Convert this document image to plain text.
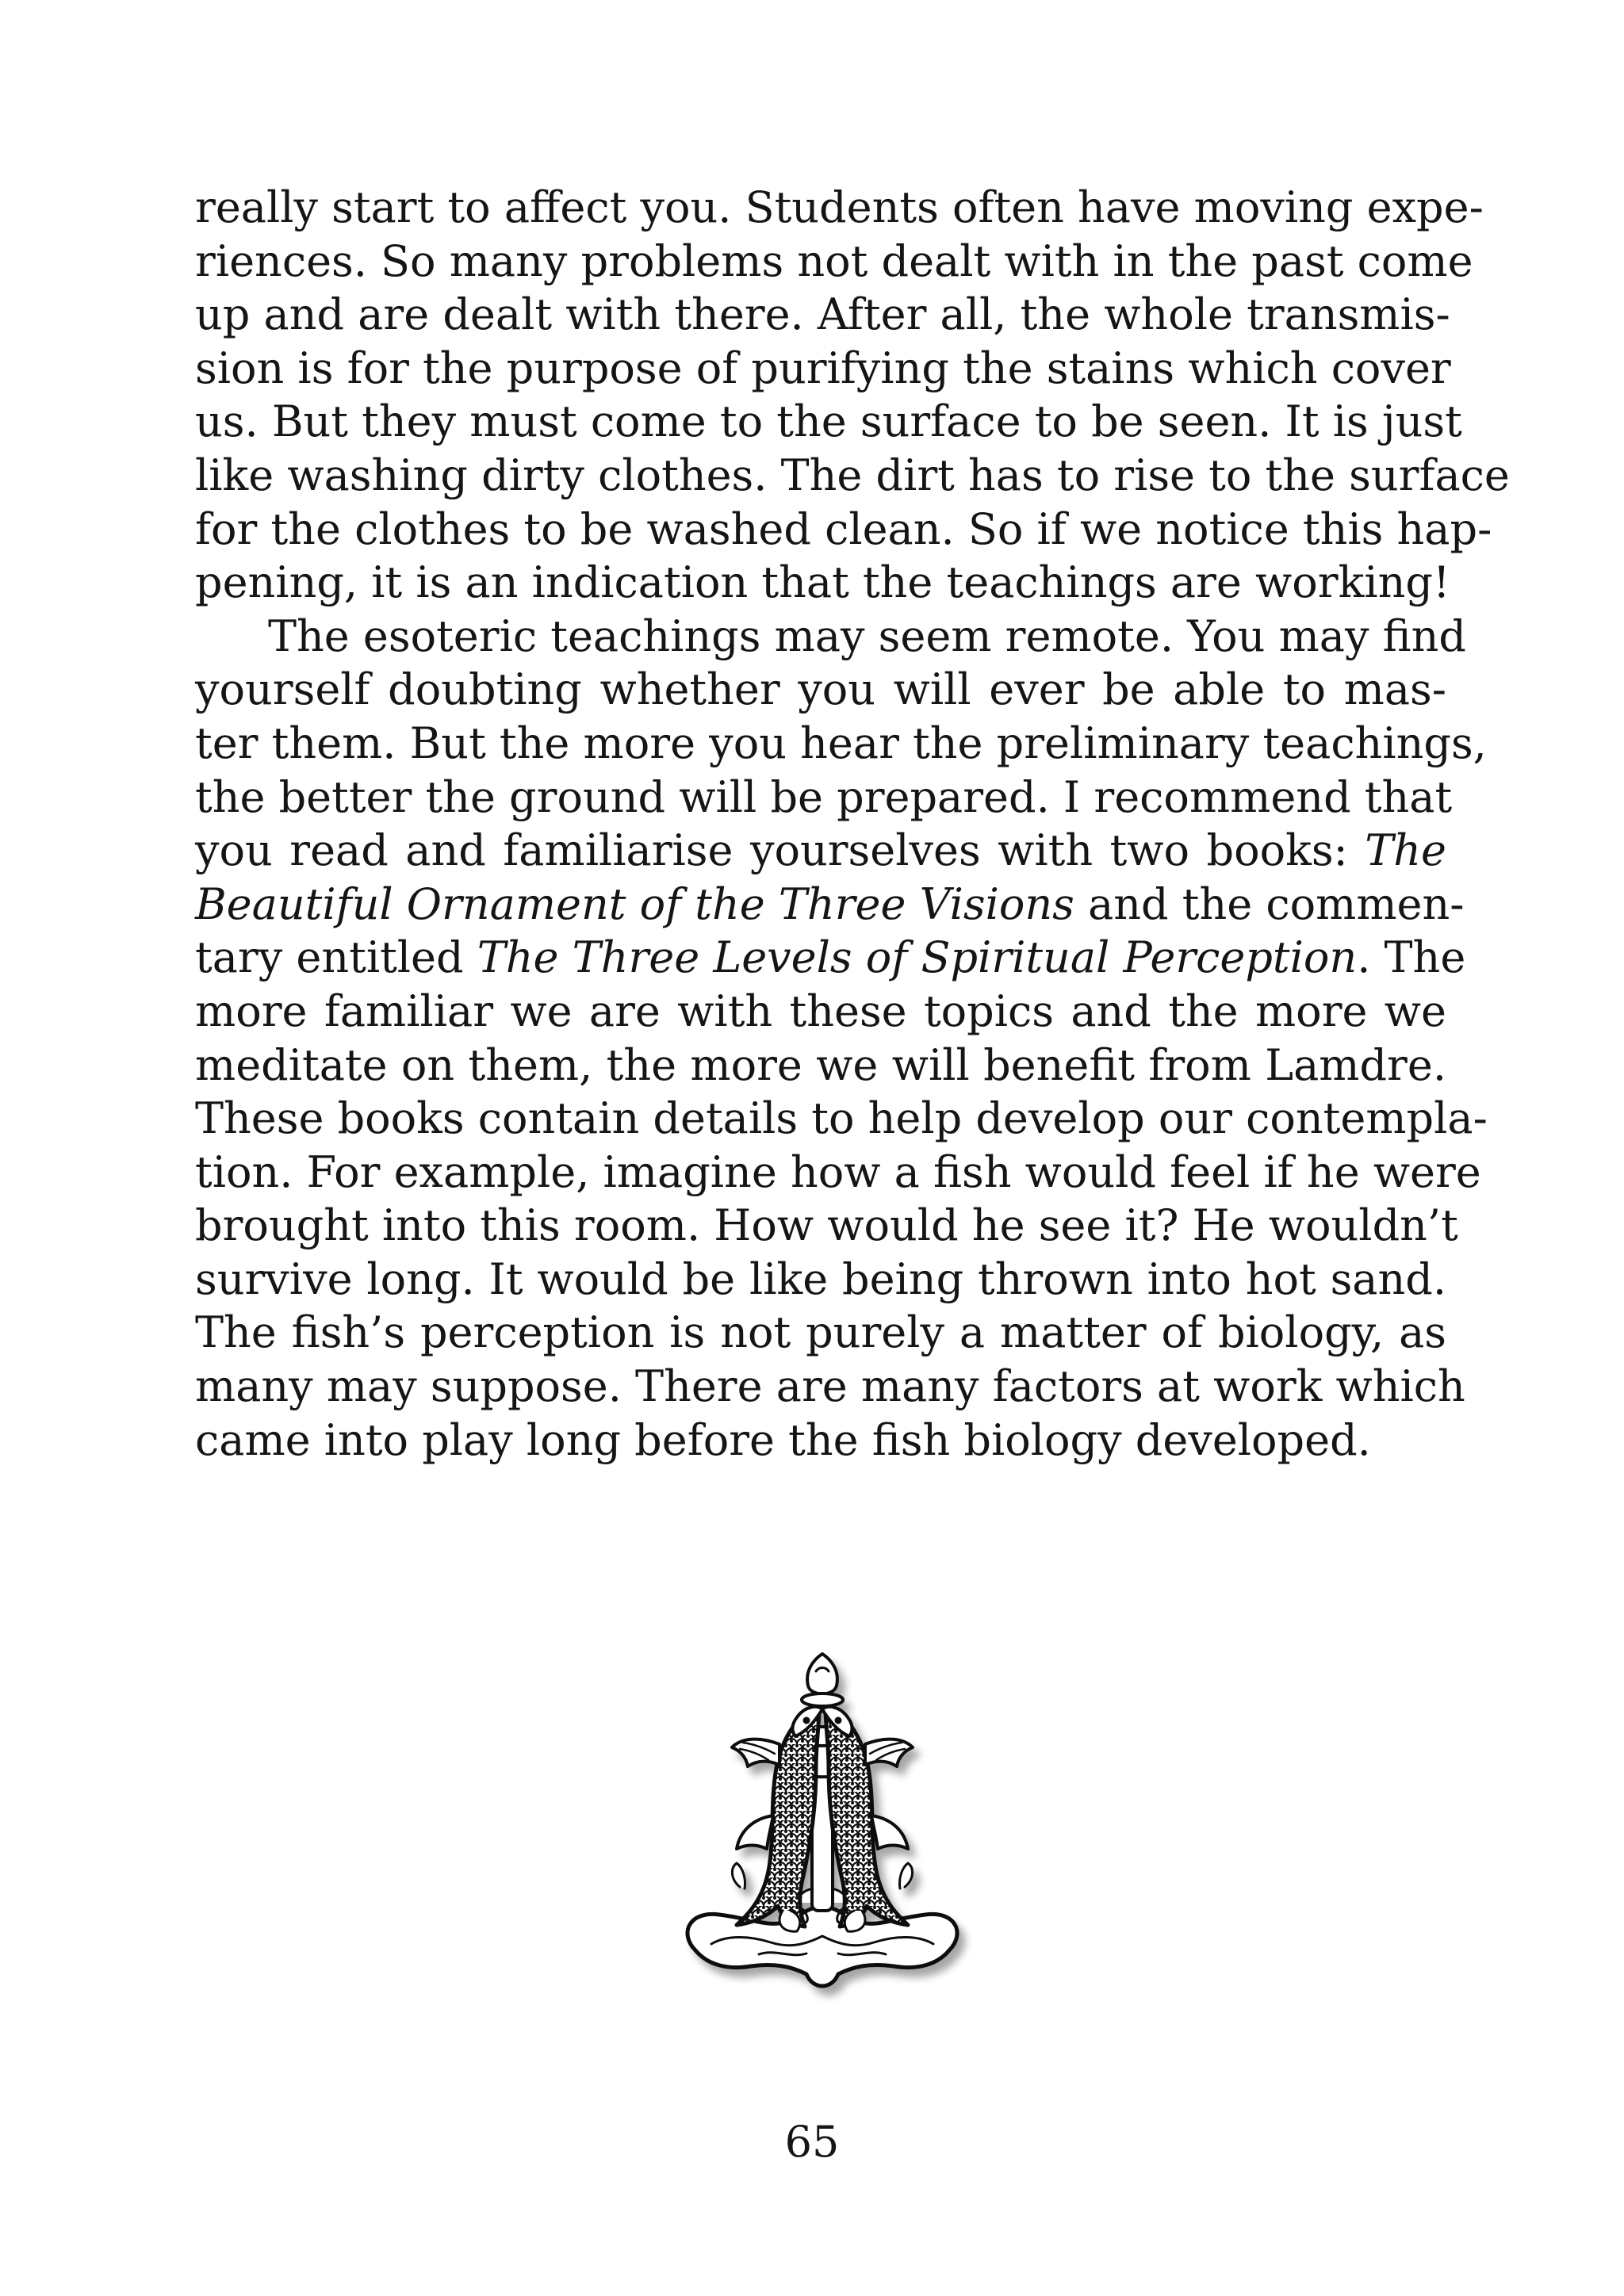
really start to affect you. Students often have moving expe-
riences. So many problems not dealt with in the past come
up and are dealt with there. After all, the whole transmis-
sion is for the purpose of purifying the stains which cover
us. But they must come to the surface to be seen. It is just
like washing dirty clothes. The dirt has to rise to the surface
for the clothes to be washed clean. So if we notice this hap-
pening, it is an indication that the teachings are working!
The esoteric teachings may seem remote. You may find
yourself doubting whether you will ever be able to mas-
ter them. But the more you hear the preliminary teachings,
the better the ground will be prepared. I recommend that
you read and familiarise yourselves with two books: The
Beautiful Ornament of the Three Visions and the commen-
tary entitled The Three Levels of Spiritual Perception. The
more familiar we are with these topics and the more we
meditate on them, the more we will benefit from Lamdre.
These books contain details to help develop our contempla-
tion. For example, imagine how a fish would feel if he were
brought into this room. How would he see it? He wouldn’t
survive long. It would be like being thrown into hot sand.
The fish’s perception is not purely a matter of biology, as
many may suppose. There are many factors at work which
came into play long before the fish biology developed.
65
